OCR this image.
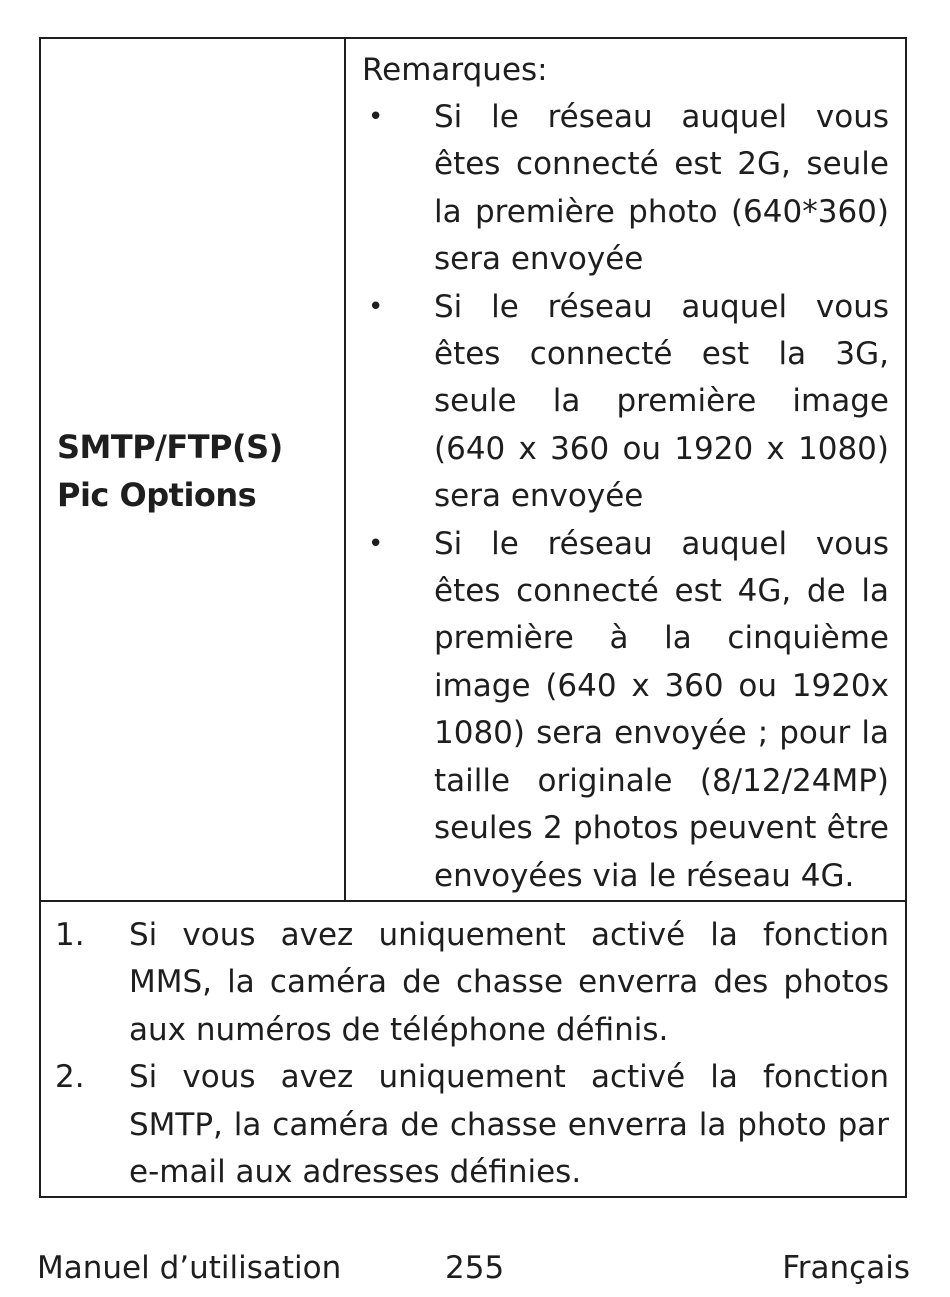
SMTP/FTP(S)
Pic Options
Remarques:
• Si le réseau auquel vous êtes connecté est 2G, seule la première photo (640*360) sera envoyée
• Si le réseau auquel vous êtes connecté est la 3G, seule la première image (640 x 360 ou 1920 x 1080) sera envoyée
• Si le réseau auquel vous êtes connecté est 4G, de la première à la cinquième image (640 x 360 ou 1920x 1080) sera envoyée ; pour la taille originale (8/12/24MP) seules 2 photos peuvent être envoyées via le réseau 4G.
1. Si vous avez uniquement activé la fonction MMS, la caméra de chasse enverra des photos aux numéros de téléphone définis.
2. Si vous avez uniquement activé la fonction SMTP, la caméra de chasse enverra la photo par e-mail aux adresses définies.
Manuel d’utilisation	255	Français
